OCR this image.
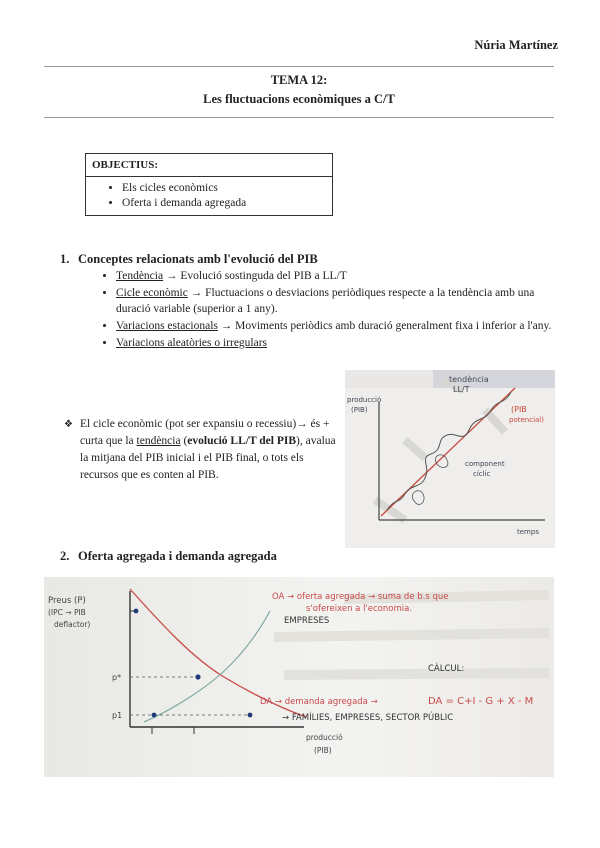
Núria Martínez
TEMA 12:
Les fluctuacions econòmiques a C/T
OBJECTIUS:
• Els cicles econòmics
• Oferta i demanda agregada
1. Conceptes relacionats amb l'evolució del PIB
• Tendència → Evolució sostinguda del PIB a LL/T
• Cicle econòmic → Fluctuacions o desviacions periòdiques respecte a la tendència amb una duració variable (superior a 1 any).
• Variacions estacionals → Moviments periòdics amb duració generalment fixa i inferior a l'any.
• Variacions aleatòries o irregulars
❖ El cicle econòmic (pot ser expansiu o recessiu)→ és + curta que la tendència (evolució LL/T del PIB), avalua la mitjana del PIB inicial i el PIB final, o tots els recursos que es conten al PIB.
producció
(PIB)
tendència
LL/T
(PIB
potencial)
component
cíclic
temps
2. Oferta agregada i demanda agregada
Preus (P)
(IPC → PIB
deflactor)
p*
p1
OA → oferta agregada → suma de b.s que
s'ofereixen a l'economia.
EMPRESES
CÀLCUL:
DA → demanda agregada →	DA = C+I - G + X - M
→ FAMÍLIES, EMPRESES, SECTOR PÚBLIC
producció
(PIB)
